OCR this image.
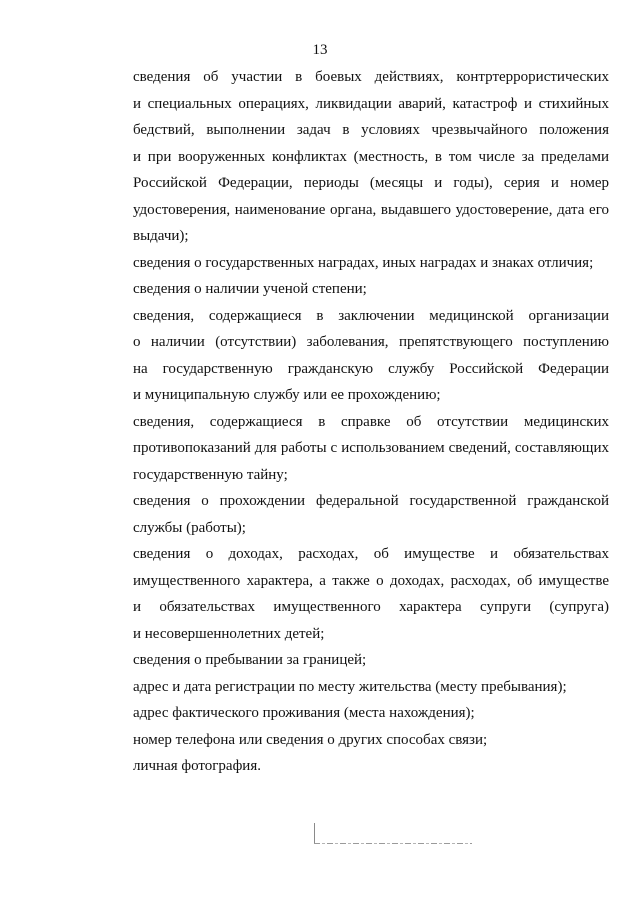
13
сведения об участии в боевых действиях, контртеррористических
и специальных операциях, ликвидации аварий, катастроф и стихийных
бедствий, выполнении задач в условиях чрезвычайного положения
и при вооруженных конфликтах (местность, в том числе за пределами
Российской Федерации, периоды (месяцы и годы), серия и номер
удостоверения, наименование органа, выдавшего удостоверение, дата его
выдачи);
сведения о государственных наградах, иных наградах и знаках отличия;
сведения о наличии ученой степени;
сведения, содержащиеся в заключении медицинской организации
о наличии (отсутствии) заболевания, препятствующего поступлению
на государственную гражданскую службу Российской Федерации
и муниципальную службу или ее прохождению;
сведения, содержащиеся в справке об отсутствии медицинских
противопоказаний для работы с использованием сведений, составляющих
государственную тайну;
сведения о прохождении федеральной государственной гражданской
службы (работы);
сведения о доходах, расходах, об имуществе и обязательствах
имущественного характера, а также о доходах, расходах, об имуществе
и обязательствах имущественного характера супруги (супруга)
и несовершеннолетних детей;
сведения о пребывании за границей;
адрес и дата регистрации по месту жительства (месту пребывания);
адрес фактического проживания (места нахождения);
номер телефона или сведения о других способах связи;
личная фотография.
